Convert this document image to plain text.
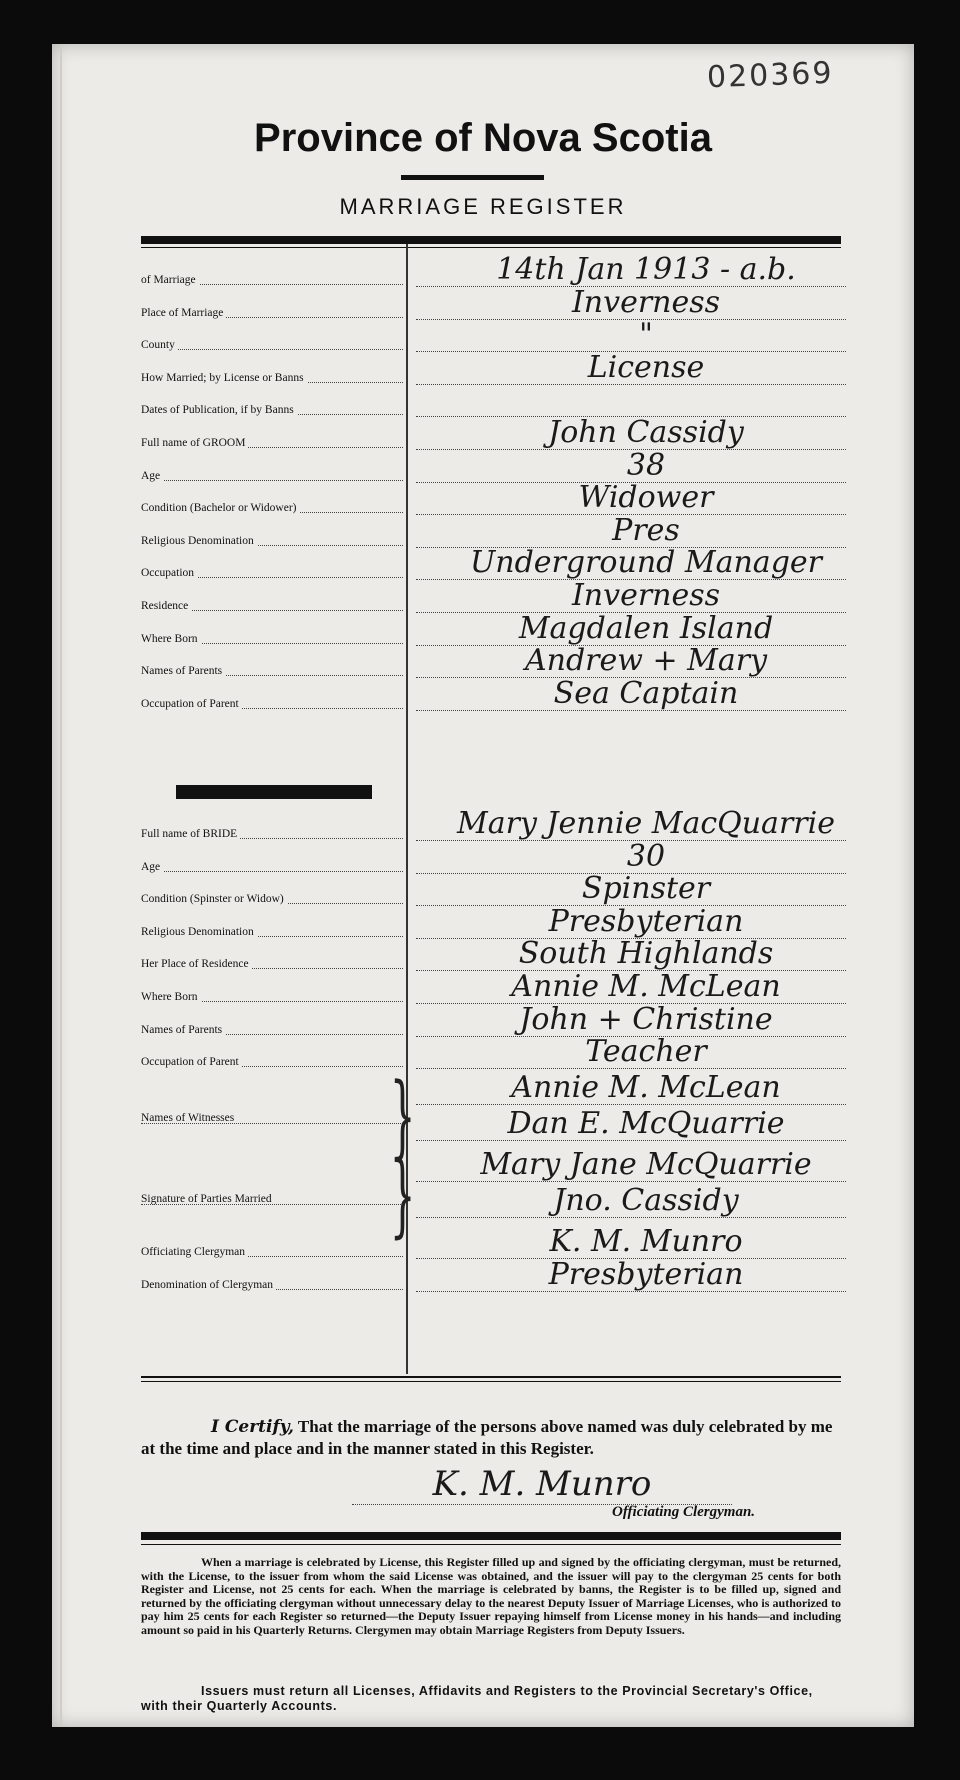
020369
Province of Nova Scotia
MARRIAGE REGISTER
of Marriage	14th Jan 1913 - a.b.
Place of Marriage	Inverness
County	"
How Married; by License or Banns	License
Dates of Publication, if by Banns
Full name of GROOM	John Cassidy
Age	38
Condition (Bachelor or Widower)	Widower
Religious Denomination	Pres
Occupation	Underground Manager
Residence	Inverness
Where Born	Magdalen Island
Names of Parents	Andrew + Mary
Occupation of Parent	Sea Captain
Full name of BRIDE	Mary Jennie MacQuarrie
Age	30
Condition (Spinster or Widow)	Spinster
Religious Denomination	Presbyterian
Her Place of Residence	South Highlands
Where Born	Annie M. McLean
Names of Parents	John + Christine
Occupation of Parent	Teacher
Annie M. McLean
Names of Witnesses	Dan E. McQuarrie
}	Mary Jane McQuarrie
Signature of Parties Married	Jno. Cassidy
}
Officiating Clergyman	K. M. Munro
Denomination of Clergyman	Presbyterian
I Certify, That the marriage of the persons above named was duly celebrated by me at the time and place and in the manner stated in this Register.
K. M. Munro
Officiating Clergyman.
When a marriage is celebrated by License, this Register filled up and signed by the officiating clergyman, must be returned, with the License, to the issuer from whom the said License was obtained, and the issuer will pay to the clergyman 25 cents for both Register and License, not 25 cents for each. When the marriage is celebrated by banns, the Register is to be filled up, signed and returned by the officiating clergyman without unnecessary delay to the nearest Deputy Issuer of Marriage Licenses, who is authorized to pay him 25 cents for each Register so returned—the Deputy Issuer repaying himself from License money in his hands—and including amount so paid in his Quarterly Returns. Clergymen may obtain Marriage Registers from Deputy Issuers.
Issuers must return all Licenses, Affidavits and Registers to the Provincial Secretary's Office, with their Quarterly Accounts.
